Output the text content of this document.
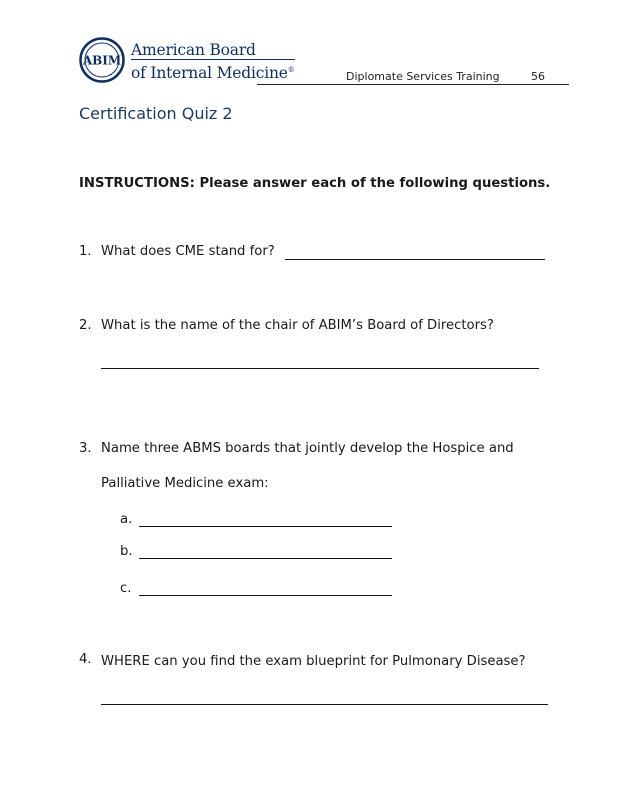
ABIM
American Board
of Internal Medicine®	Diplomate Services Training	56
Certification Quiz 2
INSTRUCTIONS: Please answer each of the following questions.
1. What does CME stand for?
2. What is the name of the chair of ABIM’s Board of Directors?
3. Name three ABMS boards that jointly develop the Hospice and
Palliative Medicine exam:
a.
b.
c.
4. WHERE can you find the exam blueprint for Pulmonary Disease?
